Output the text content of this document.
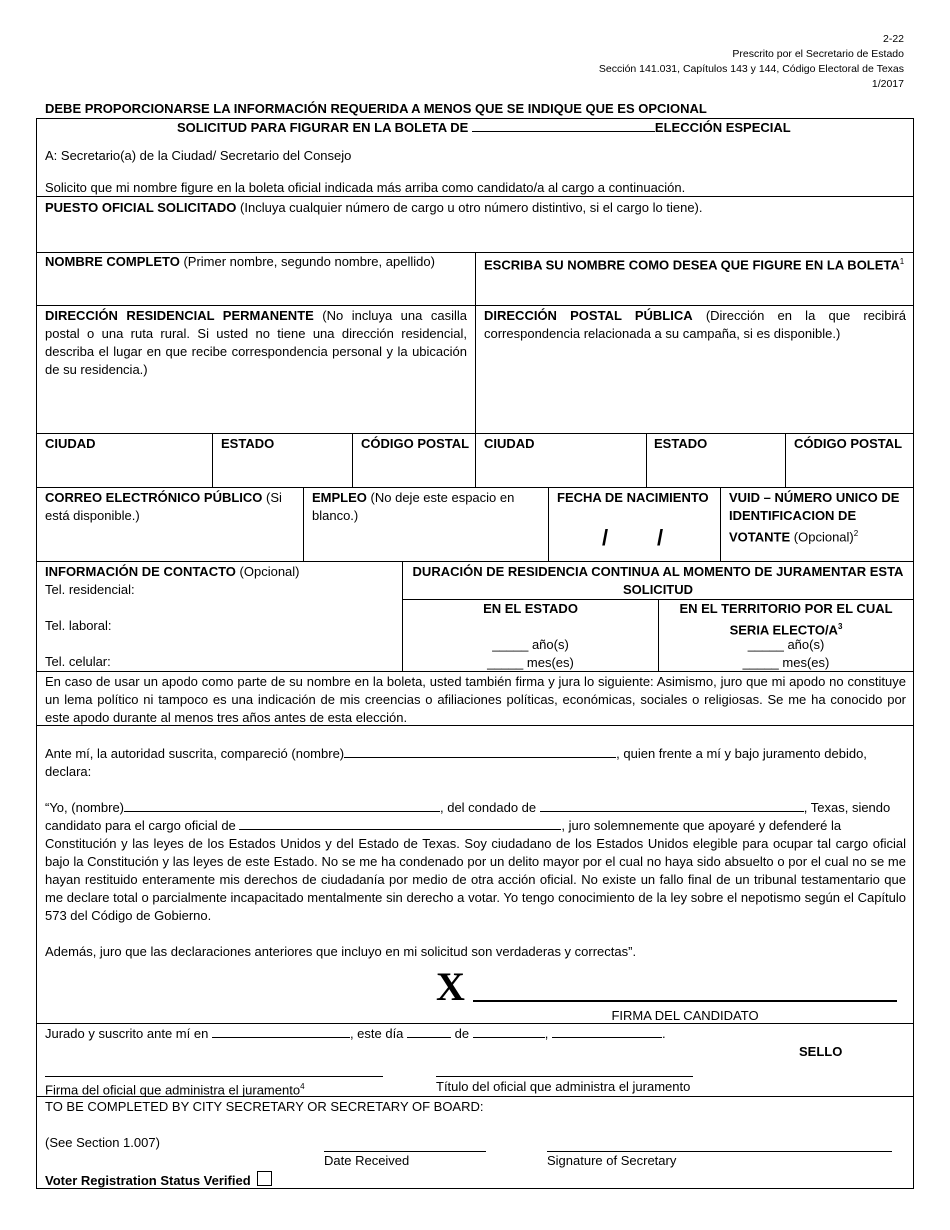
2-22
Prescrito por el Secretario de Estado
Sección 141.031, Capítulos 143 y 144, Código Electoral de Texas
1/2017
DEBE PROPORCIONARSE LA INFORMACIÓN REQUERIDA A MENOS QUE SE INDIQUE QUE ES OPCIONAL
SOLICITUD PARA FIGURAR EN LA BOLETA DE	ELECCIÓN ESPECIAL
A: Secretario(a) de la Ciudad/ Secretario del Consejo
Solicito que mi nombre figure en la boleta oficial indicada más arriba como candidato/a al cargo a continuación.
PUESTO OFICIAL SOLICITADO (Incluya cualquier número de cargo u otro número distintivo, si el cargo lo tiene).
NOMBRE COMPLETO (Primer nombre, segundo nombre, apellido)	ESCRIBA SU NOMBRE COMO DESEA QUE FIGURE EN LA BOLETA$^1$
DIRECCIÓN RESIDENCIAL PERMANENTE (No incluya una casilla postal o una ruta rural. Si usted no tiene una dirección residencial, describa el lugar en que recibe correspondencia personal y la ubicación de su residencia.)
DIRECCIÓN POSTAL PÚBLICA (Dirección en la que recibirá correspondencia relacionada a su campaña, si es disponible.)
CIUDAD	ESTADO	CÓDIGO POSTAL CIUDAD	ESTADO	CÓDIGO POSTAL
CORREO ELECTRÓNICO PÚBLICO (Si está disponible.)
EMPLEO (No deje este espacio en blanco.)
FECHA DE NACIMIENTO
/ /
VUID – NÚMERO UNICO DE IDENTIFICACION DE VOTANTE (Opcional)$^2$
INFORMACIÓN DE CONTACTO (Opcional)
Tel. residencial:
Tel. laboral:
Tel. celular:
DURACIÓN DE RESIDENCIA CONTINUA AL MOMENTO DE JURAMENTAR ESTA SOLICITUD
EN EL ESTADO
_____ año(s)
_____ mes(es)
EN EL TERRITORIO POR EL CUAL SERIA ELECTO/$A^3$
_____ año(s)
_____ mes(es)
En caso de usar un apodo como parte de su nombre en la boleta, usted también firma y jura lo siguiente: Asimismo, juro que mi apodo no constituye un lema político ni tampoco es una indicación de mis creencias o afiliaciones políticas, económicas, sociales o religiosas. Se me ha conocido por este apodo durante al menos tres años antes de esta elección.
Ante mí, la autoridad suscrita, compareció (nombre)	, quien frente a mí y bajo juramento debido, declara:
“Yo, (nombre)	, del condado de	, Texas, siendo
candidato para el cargo oficial de	, juro solemnemente que apoyaré y defenderé la
Constitución y las leyes de los Estados Unidos y del Estado de Texas. Soy ciudadano de los Estados Unidos elegible para ocupar tal cargo oficial bajo la Constitución y las leyes de este Estado. No se me ha condenado por un delito mayor por el cual no haya sido absuelto o por el cual no se me hayan restituido enteramente mis derechos de ciudadanía por medio de otra acción oficial. No existe un fallo final de un tribunal testamentario que me declare total o parcialmente incapacitado mentalmente sin derecho a votar. Yo tengo conocimiento de la ley sobre el nepotismo según el Capítulo 573 del Código de Gobierno.
Además, juro que las declaraciones anteriores que incluyo en mi solicitud son verdaderas y correctas”.
X
FIRMA DEL CANDIDATO
Jurado y suscrito ante mí en	, este día	de	,	.
SELLO
Firma del oficial que administra el juramento$^4$	Título del oficial que administra el juramento
TO BE COMPLETED BY CITY SECRETARY OR SECRETARY OF BOARD:
(See Section 1.007)
Date Received	Signature of Secretary
Voter Registration Status Verified
